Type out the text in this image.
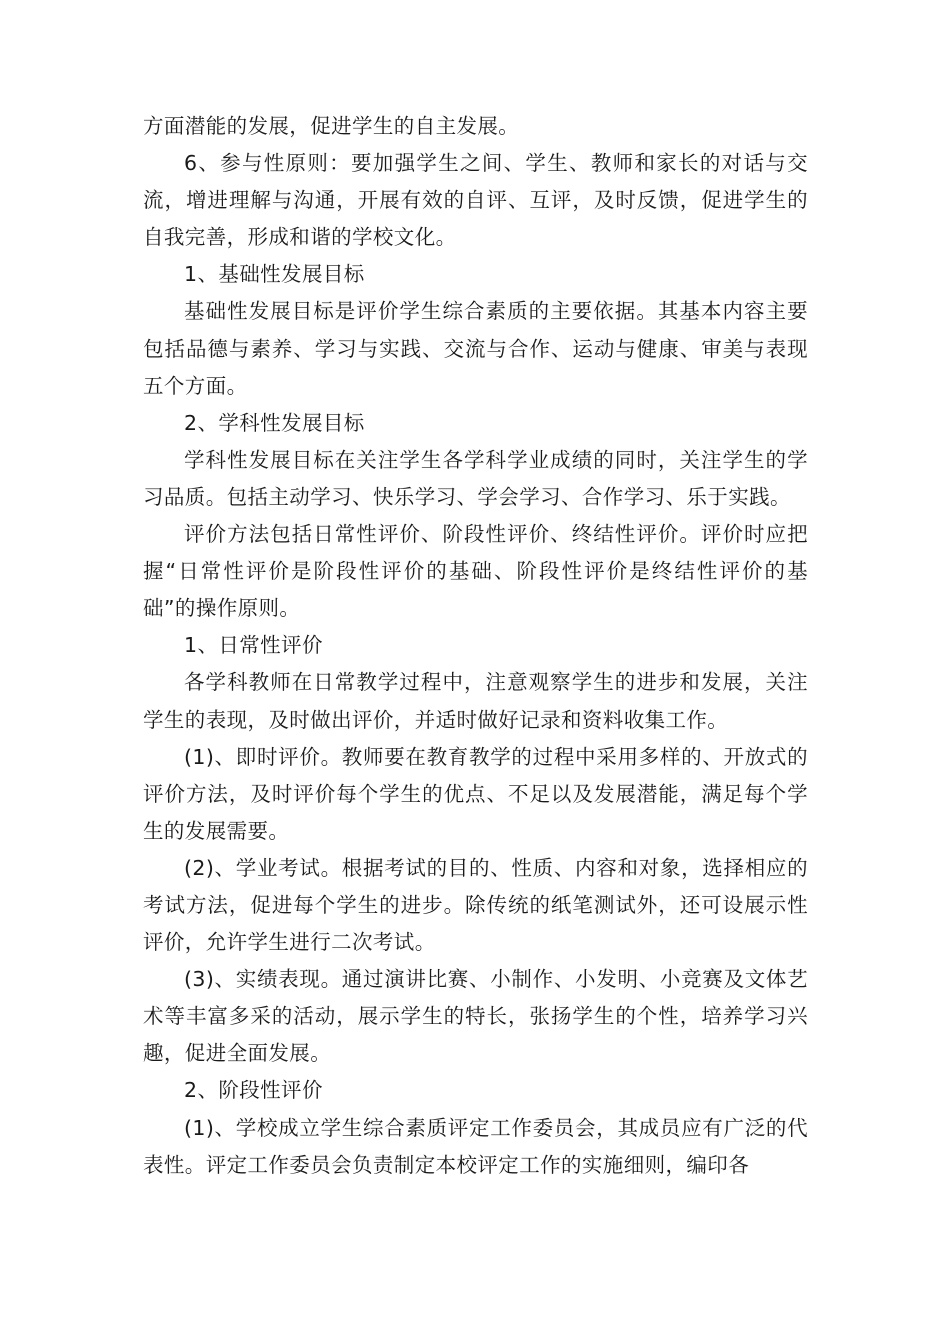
方面潜能的发展，促进学生的自主发展。

6、参与性原则：要加强学生之间、学生、教师和家长的对话与交流，增进理解与沟通，开展有效的自评、互评，及时反馈，促进学生的自我完善，形成和谐的学校文化。

1、基础性发展目标

基础性发展目标是评价学生综合素质的主要依据。其基本内容主要包括品德与素养、学习与实践、交流与合作、运动与健康、审美与表现五个方面。

2、学科性发展目标

学科性发展目标在关注学生各学科学业成绩的同时，关注学生的学习品质。包括主动学习、快乐学习、学会学习、合作学习、乐于实践。

评价方法包括日常性评价、阶段性评价、终结性评价。评价时应把握“日常性评价是阶段性评价的基础、阶段性评价是终结性评价的基础”的操作原则。

1、日常性评价

各学科教师在日常教学过程中，注意观察学生的进步和发展，关注学生的表现，及时做出评价，并适时做好记录和资料收集工作。

(1)、即时评价。教师要在教育教学的过程中采用多样的、开放式的评价方法，及时评价每个学生的优点、不足以及发展潜能，满足每个学生的发展需要。

(2)、学业考试。根据考试的目的、性质、内容和对象，选择相应的考试方法，促进每个学生的进步。除传统的纸笔测试外，还可设展示性评价，允许学生进行二次考试。

(3)、实绩表现。通过演讲比赛、小制作、小发明、小竞赛及文体艺术等丰富多采的活动，展示学生的特长，张扬学生的个性，培养学习兴趣，促进全面发展。

2、阶段性评价

(1)、学校成立学生综合素质评定工作委员会，其成员应有广泛的代表性。评定工作委员会负责制定本校评定工作的实施细则，编印各
